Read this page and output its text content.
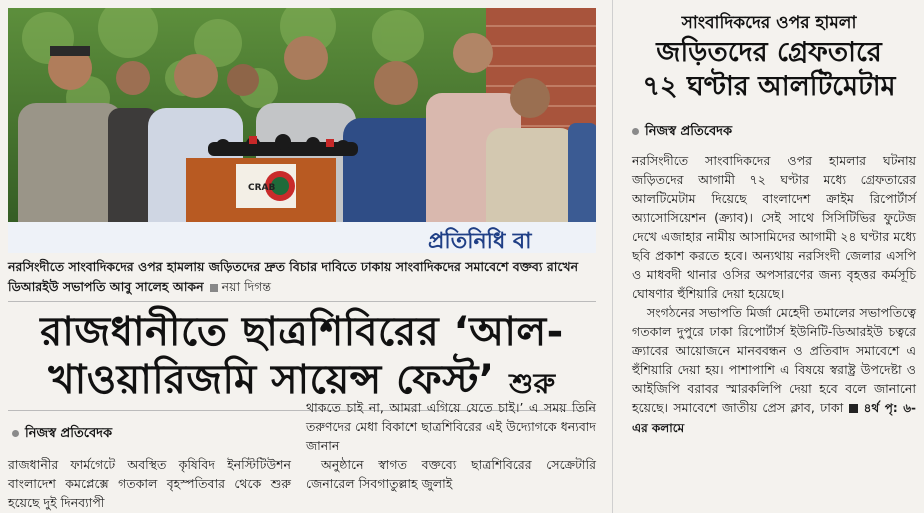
CRAB
প্রতিনিধি বা
নরসিংদীতে সাংবাদিকদের ওপর হামলায় জড়িতদের দ্রুত বিচার দাবিতে ঢাকায় সাংবাদিকদের সমাবেশে বক্তব্য রাখেন ডিআরইউ সভাপতি আবু সালেহ আকন নয়া দিগন্ত
রাজধানীতে ছাত্রশিবিরের ‘আল-
খাওয়ারিজমি সায়েন্স ফেস্ট’ শুরু
নিজস্ব প্রতিবেদক

রাজধানীর ফার্মগেটে অবস্থিত কৃষিবিদ ইনস্টিটিউশন বাংলাদেশ কমপ্লেক্সে গতকাল বৃহস্পতিবার থেকে শুরু হয়েছে দুই দিনব্যাপী

থাকতে চাই না, আমরা এগিয়ে যেতে চাই।’ এ সময় তিনি তরুণদের মেধা বিকাশে ছাত্রশিবিরের এই উদ্যোগকে ধন্যবাদ জানান

অনুষ্ঠানে স্বাগত বক্তব্যে ছাত্রশিবিরের সেক্রেটারি জেনারেল সিবগাতুল্লাহ জুলাই

সাংবাদিকদের ওপর হামলা
জড়িতদের গ্রেফতারে
৭২ ঘণ্টার আলটিমেটাম
নিজস্ব প্রতিবেদক

নরসিংদীতে সাংবাদিকদের ওপর হামলার ঘটনায় জড়িতদের আগামী ৭২ ঘণ্টার মধ্যে গ্রেফতারের আলটিমেটাম দিয়েছে বাংলাদেশ ক্রাইম রিপোর্টার্স অ্যাসোসিয়েশন (ক্র্যাব)। সেই সাথে সিসিটিভির ফুটেজ দেখে এজাহার নামীয় আসামিদের আগামী ২৪ ঘণ্টার মধ্যে ছবি প্রকাশ করতে হবে। অন্যথায় নরসিংদী জেলার এসপি ও মাধবদী থানার ওসির অপসারণের জন্য বৃহত্তর কর্মসূচি ঘোষণার হুঁশিয়ারি দেয়া হয়েছে।

সংগঠনের সভাপতি মির্জা মেহেদী তমালের সভাপতিত্বে গতকাল দুপুরে ঢাকা রিপোর্টার্স ইউনিটি-ডিআরইউ চত্বরে ক্র্যাবের আয়োজনে মানববন্ধন ও প্রতিবাদ সমাবেশে এ হুঁশিয়ারি দেয়া হয়। পাশাপাশি এ বিষয়ে স্বরাষ্ট্র উপদেষ্টা ও আইজিপি বরাবর স্মারকলিপি দেয়া হবে বলে জানানো হয়েছে। সমাবেশে জাতীয় প্রেস ক্লাব, ঢাকা ৪র্থ পৃ: ৬-এর কলামে
